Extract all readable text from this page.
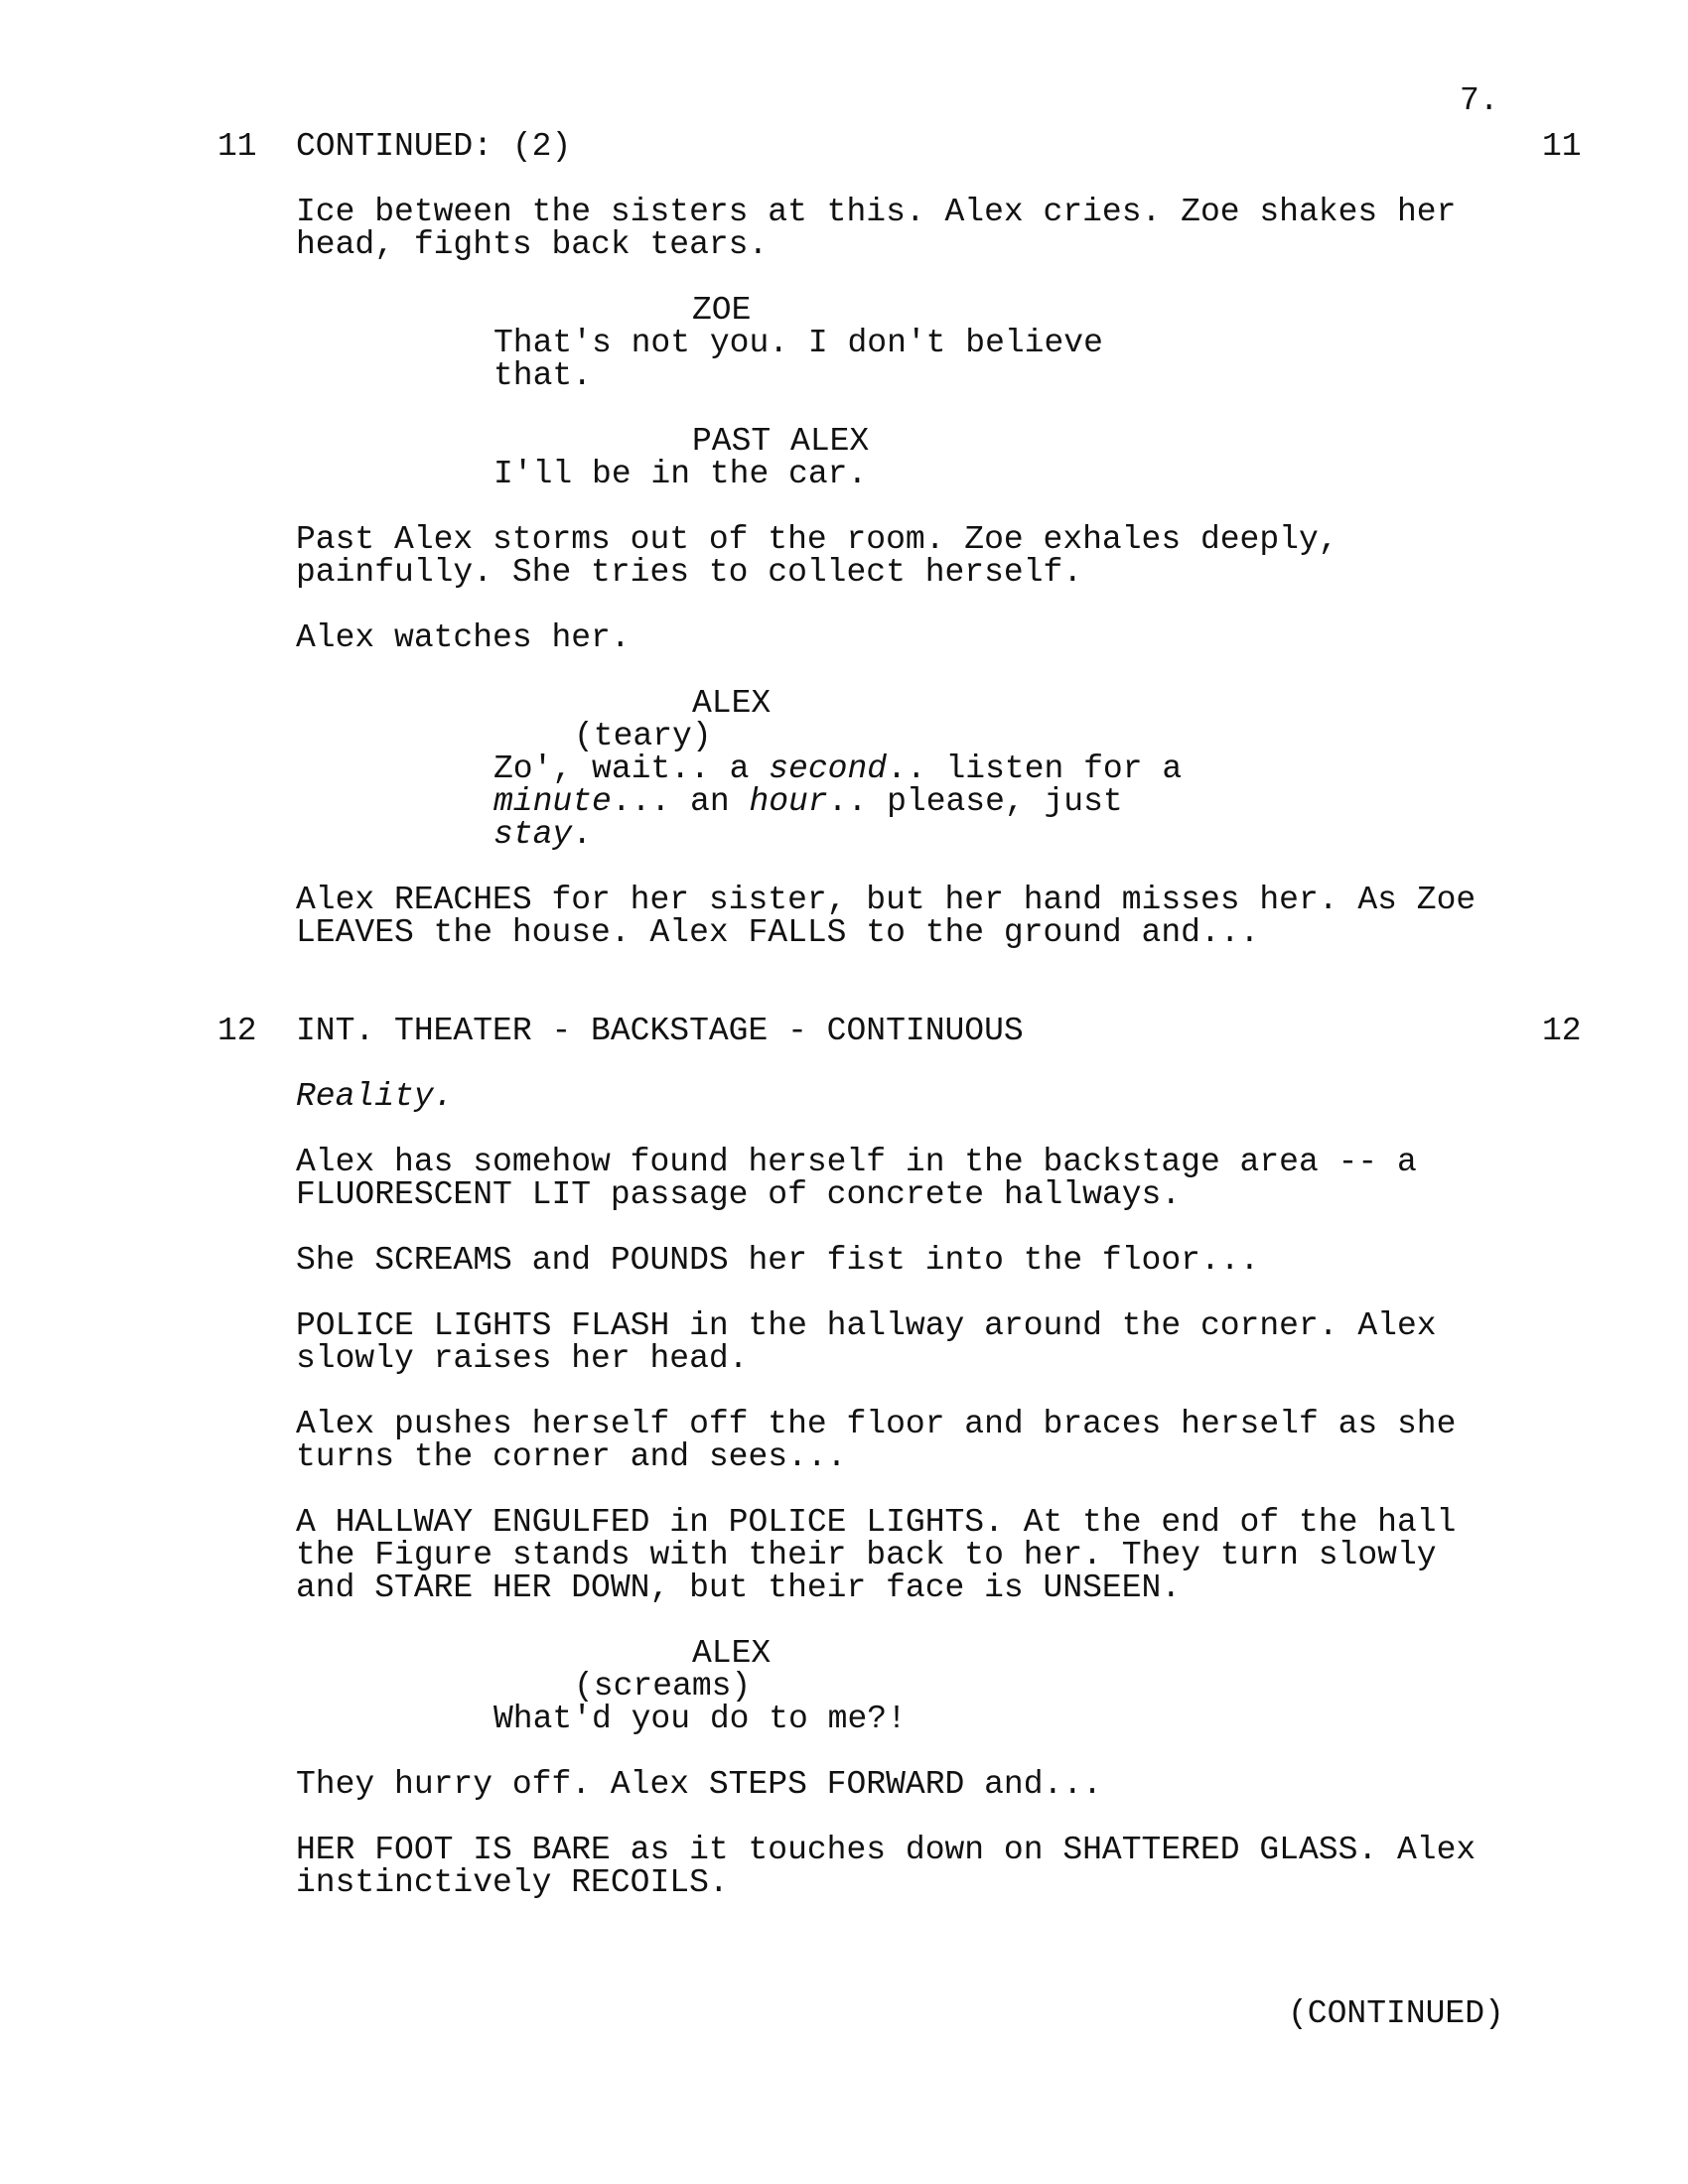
7.
11 CONTINUED: (2)	11
Ice between the sisters at this. Alex cries. Zoe shakes her
head, fights back tears.
ZOE
That's not you. I don't believe
that.
PAST ALEX
I'll be in the car.
Past Alex storms out of the room. Zoe exhales deeply,
painfully. She tries to collect herself.
Alex watches her.
ALEX
(teary)
Zo', wait.. a second.. listen for a
minute... an hour.. please, just
stay.
Alex REACHES for her sister, but her hand misses her. As Zoe
LEAVES the house. Alex FALLS to the ground and...
12 INT. THEATER - BACKSTAGE - CONTINUOUS	12
Reality.
Alex has somehow found herself in the backstage area -- a
FLUORESCENT LIT passage of concrete hallways.
She SCREAMS and POUNDS her fist into the floor...
POLICE LIGHTS FLASH in the hallway around the corner. Alex
slowly raises her head.
Alex pushes herself off the floor and braces herself as she
turns the corner and sees...
A HALLWAY ENGULFED in POLICE LIGHTS. At the end of the hall
the Figure stands with their back to her. They turn slowly
and STARE HER DOWN, but their face is UNSEEN.
ALEX
(screams)
What'd you do to me?!
They hurry off. Alex STEPS FORWARD and...
HER FOOT IS BARE as it touches down on SHATTERED GLASS. Alex
instinctively RECOILS.
(CONTINUED)
